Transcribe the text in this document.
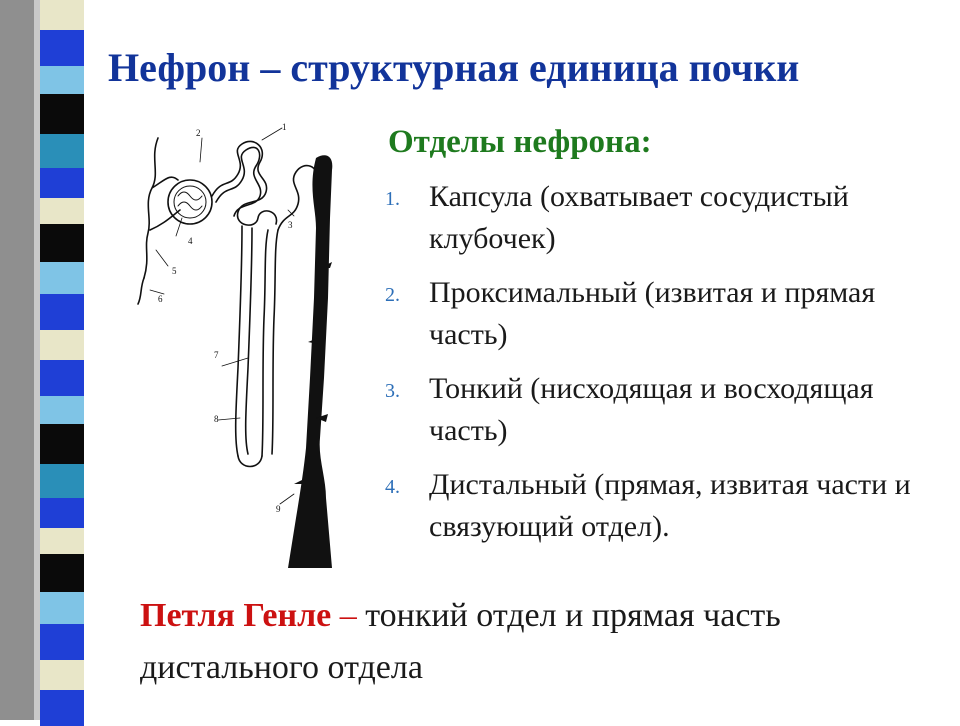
Нефрон – структурная единица почки
1
2
3
4
5
6
7
8
9
Отделы нефрона:
1. Капсула (охватывает сосудистый клубочек)
2. Проксимальный (извитая и прямая часть)
3. Тонкий (нисходящая и восходящая часть)
4. Дистальный (прямая, извитая части и связующий отдел).

Петля Генле – тонкий отдел и прямая часть дистального отдела
